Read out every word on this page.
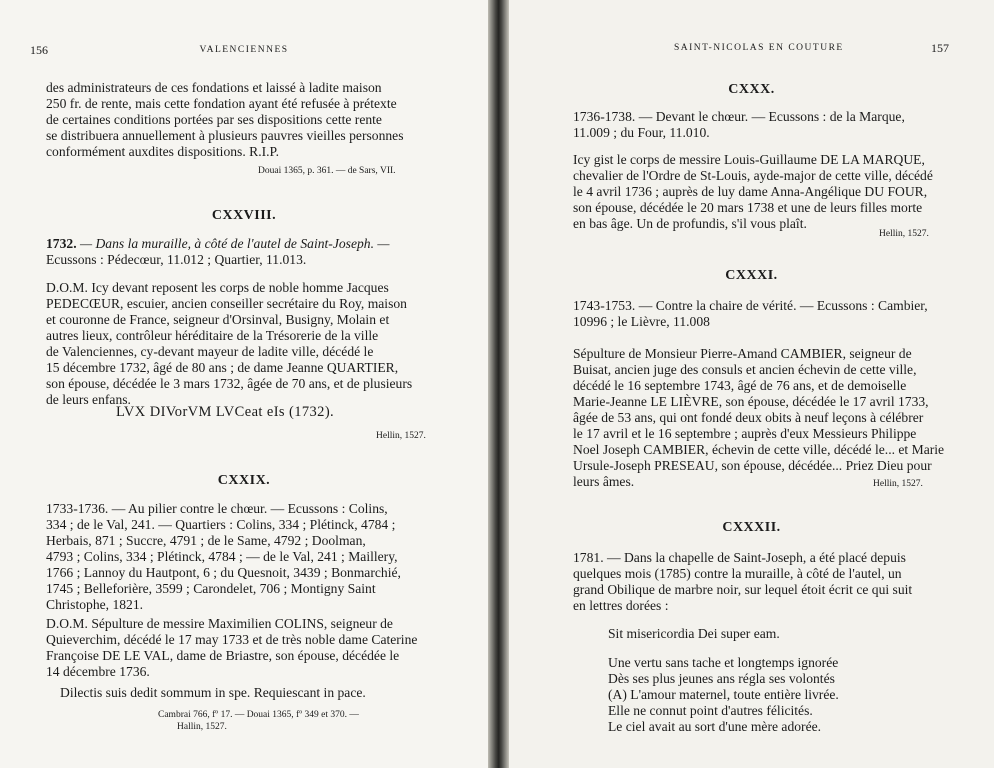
156	VALENCIENNES
des administrateurs de ces fondations et laissé à ladite maison
250 fr. de rente, mais cette fondation ayant été refusée à prétexte
de certaines conditions portées par ses dispositions cette rente
se distribuera annuellement à plusieurs pauvres vieilles personnes
conformément auxdites dispositions. R.I.P.
Douai 1365, p. 361. — de Sars, VII.
CXXVIII.
1732. — Dans la muraille, à côté de l'autel de Saint-Joseph. —
Ecussons : Pédecœur, 11.012 ; Quartier, 11.013.
D.O.M. Icy devant reposent les corps de noble homme Jacques
PEDECŒUR, escuier, ancien conseiller secrétaire du Roy, maison
et couronne de France, seigneur d'Orsinval, Busigny, Molain et
autres lieux, contrôleur héréditaire de la Trésorerie de la ville
de Valenciennes, cy-devant mayeur de ladite ville, décédé le
15 décembre 1732, âgé de 80 ans ; de dame Jeanne QUARTIER,
son épouse, décédée le 3 mars 1732, âgée de 70 ans, et de plusieurs
de leurs enfans.
LVX DIVorVM LVCeat eIs (1732).
Hellin, 1527.
CXXIX.
1733-1736. — Au pilier contre le chœur. — Ecussons : Colins,
334 ; de le Val, 241. — Quartiers : Colins, 334 ; Plétinck, 4784 ;
Herbais, 871 ; Succre, 4791 ; de le Same, 4792 ; Doolman,
4793 ; Colins, 334 ; Plétinck, 4784 ; — de le Val, 241 ; Maillery,
1766 ; Lannoy du Hautpont, 6 ; du Quesnoit, 3439 ; Bonmarchié,
1745 ; Belleforière, 3599 ; Carondelet, 706 ; Montigny Saint
Christophe, 1821.
D.O.M. Sépulture de messire Maximilien COLINS, seigneur de
Quieverchim, décédé le 17 may 1733 et de très noble dame Caterine
Françoise DE LE VAL, dame de Briastre, son épouse, décédée le
14 décembre 1736.
Dilectis suis dedit sommum in spe. Requiescant in pace.
Cambrai 766, fº 17. — Douai 1365, fº 349 et 370. —
Hallin, 1527.
SAINT-NICOLAS EN COUTURE	157
CXXX.
1736-1738. — Devant le chœur. — Ecussons : de la Marque,
11.009 ; du Four, 11.010.
Icy gist le corps de messire Louis-Guillaume DE LA MARQUE,
chevalier de l'Ordre de St-Louis, ayde-major de cette ville, décédé
le 4 avril 1736 ; auprès de luy dame Anna-Angélique DU FOUR,
son épouse, décédée le 20 mars 1738 et une de leurs filles morte
en bas âge. Un de profundis, s'il vous plaît.
Hellin, 1527.
CXXXI.
1743-1753. — Contre la chaire de vérité. — Ecussons : Cambier,
10996 ; le Lièvre, 11.008
Sépulture de Monsieur Pierre-Amand CAMBIER, seigneur de
Buisat, ancien juge des consuls et ancien échevin de cette ville,
décédé le 16 septembre 1743, âgé de 76 ans, et de demoiselle
Marie-Jeanne LE LIÈVRE, son épouse, décédée le 17 avril 1733,
âgée de 53 ans, qui ont fondé deux obits à neuf leçons à célébrer
le 17 avril et le 16 septembre ; auprès d'eux Messieurs Philippe
Noel Joseph CAMBIER, échevin de cette ville, décédé le... et Marie
Ursule-Joseph PRESEAU, son épouse, décédée... Priez Dieu pour
leurs âmes.	Hellin, 1527.
CXXXII.
1781. — Dans la chapelle de Saint-Joseph, a été placé depuis
quelques mois (1785) contre la muraille, à côté de l'autel, un
grand Obilique de marbre noir, sur lequel étoit écrit ce qui suit
en lettres dorées :
Sit misericordia Dei super eam.
Une vertu sans tache et longtemps ignorée
Dès ses plus jeunes ans régla ses volontés
(A) L'amour maternel, toute entière livrée.
Elle ne connut point d'autres félicités.
Le ciel avait au sort d'une mère adorée.
